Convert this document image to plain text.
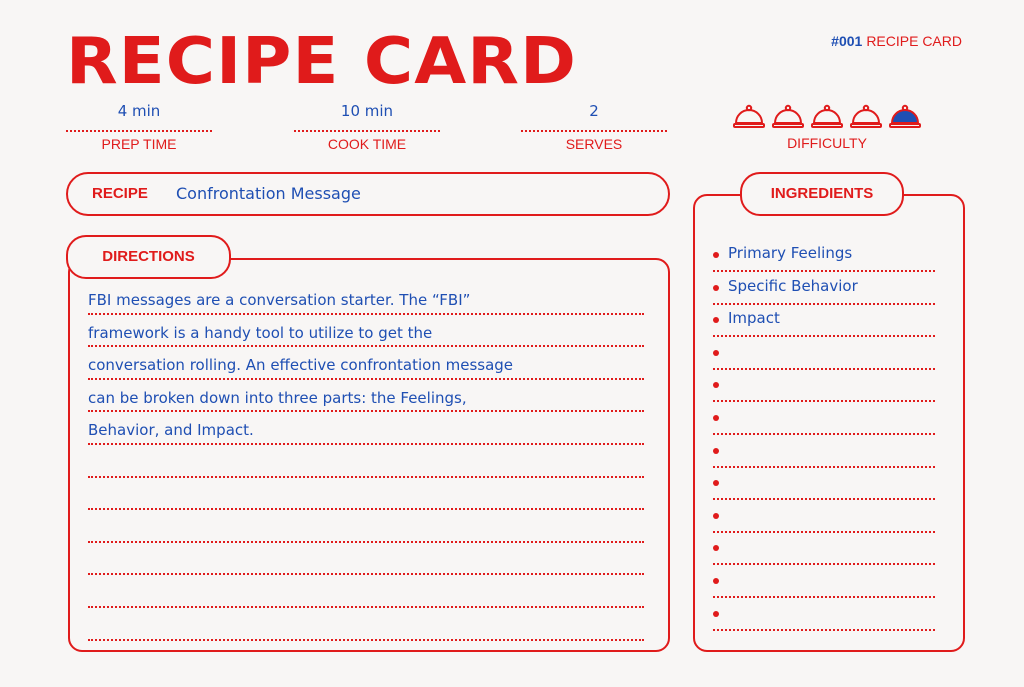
RECIPE CARD	#001 RECIPE CARD
4 min
PREP TIME
10 min
COOK TIME
2
SERVES	DIFFICULTY
RECIPE Confrontation Message
DIRECTIONS
FBI messages are a conversation starter. The “FBI”
framework is a handy tool to utilize to get the
conversation rolling. An effective confrontation message
can be broken down into three parts: the Feelings,
Behavior, and Impact.
INGREDIENTS
Primary Feelings
Specific Behavior
Impact
